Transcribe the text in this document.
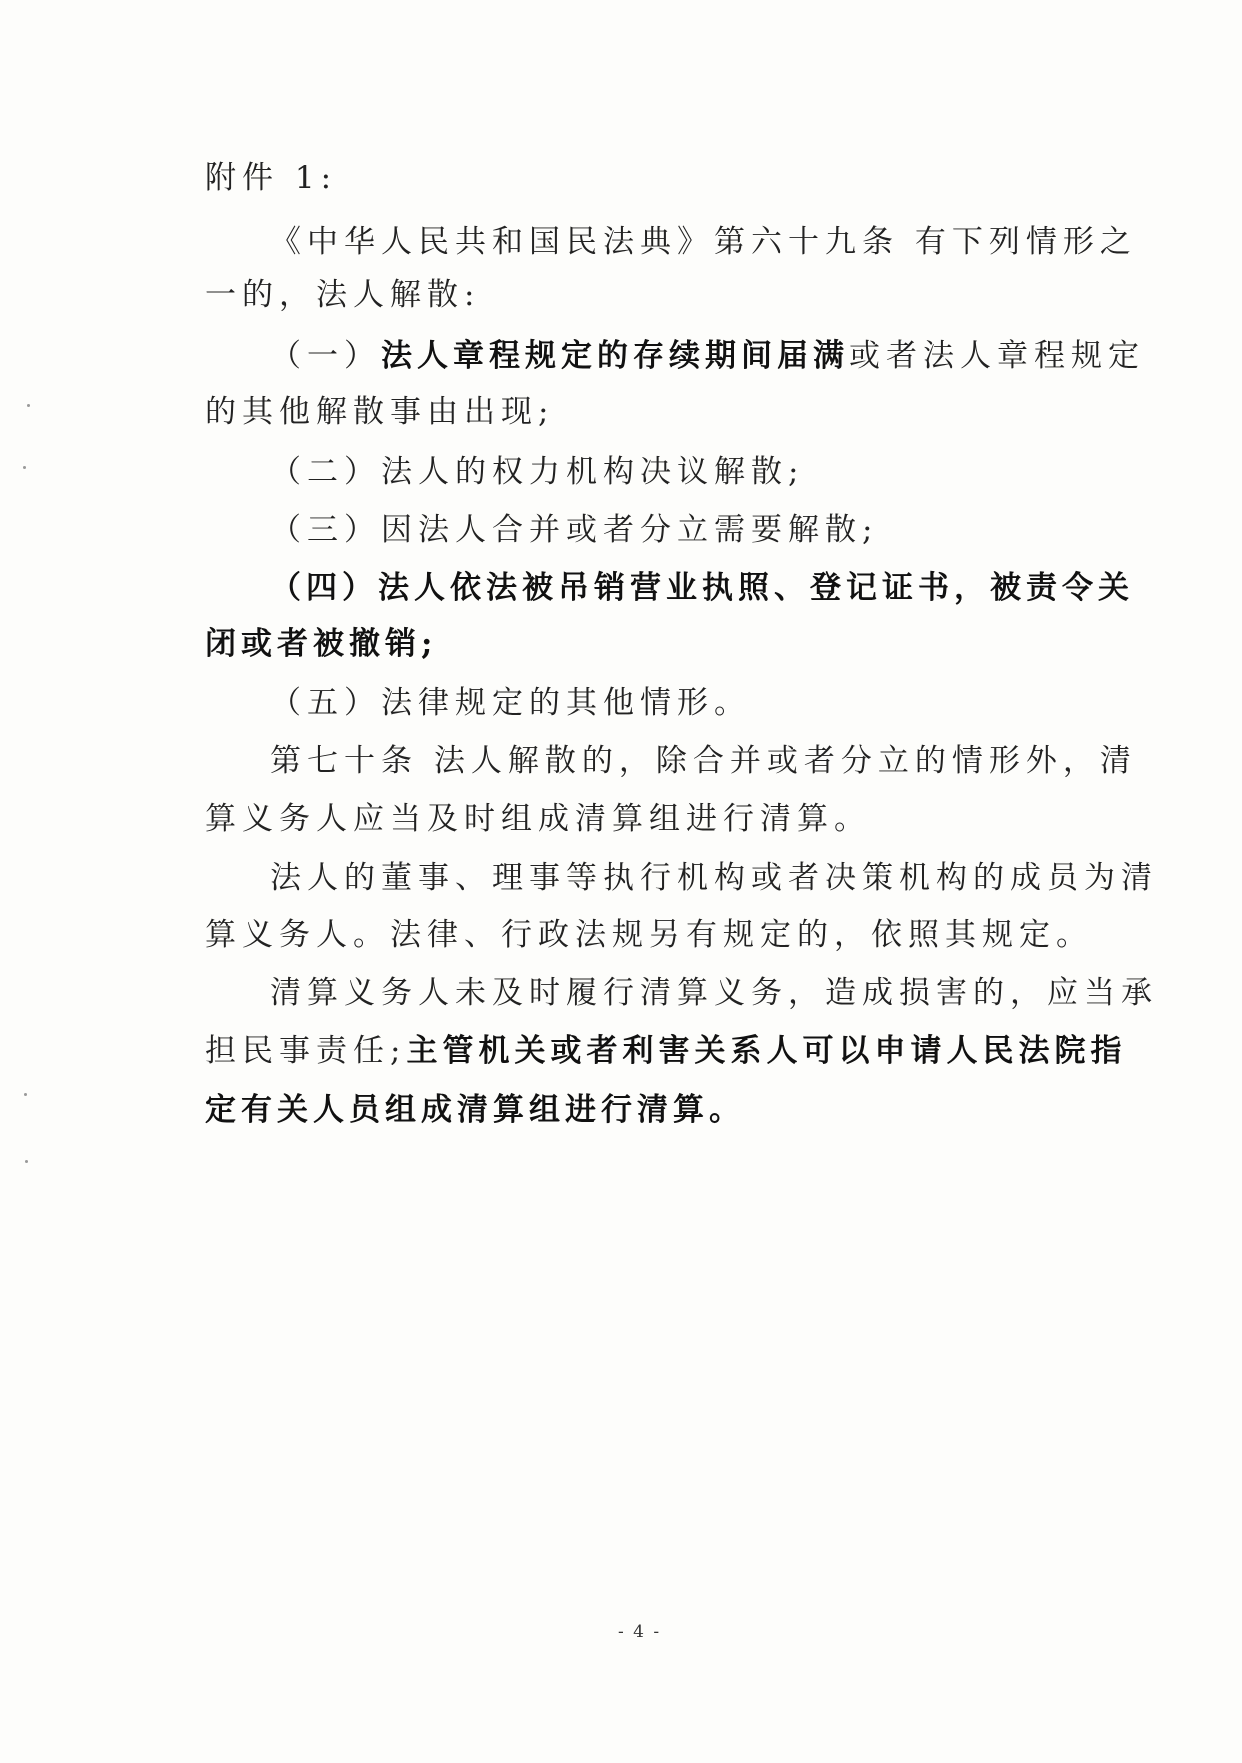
附件 1:
《中华人民共和国民法典》第六十九条 有下列情形之
一的，法人解散:
（一）法人章程规定的存续期间届满或者法人章程规定
的其他解散事由出现;
（二）法人的权力机构决议解散;
（三）因法人合并或者分立需要解散;
（四）法人依法被吊销营业执照、登记证书，被责令关
闭或者被撤销;
（五）法律规定的其他情形。
第七十条 法人解散的，除合并或者分立的情形外，清
算义务人应当及时组成清算组进行清算。
法人的董事、理事等执行机构或者决策机构的成员为清
算义务人。法律、行政法规另有规定的，依照其规定。
清算义务人未及时履行清算义务，造成损害的，应当承
担民事责任;主管机关或者利害关系人可以申请人民法院指
定有关人员组成清算组进行清算。
- 4 -
